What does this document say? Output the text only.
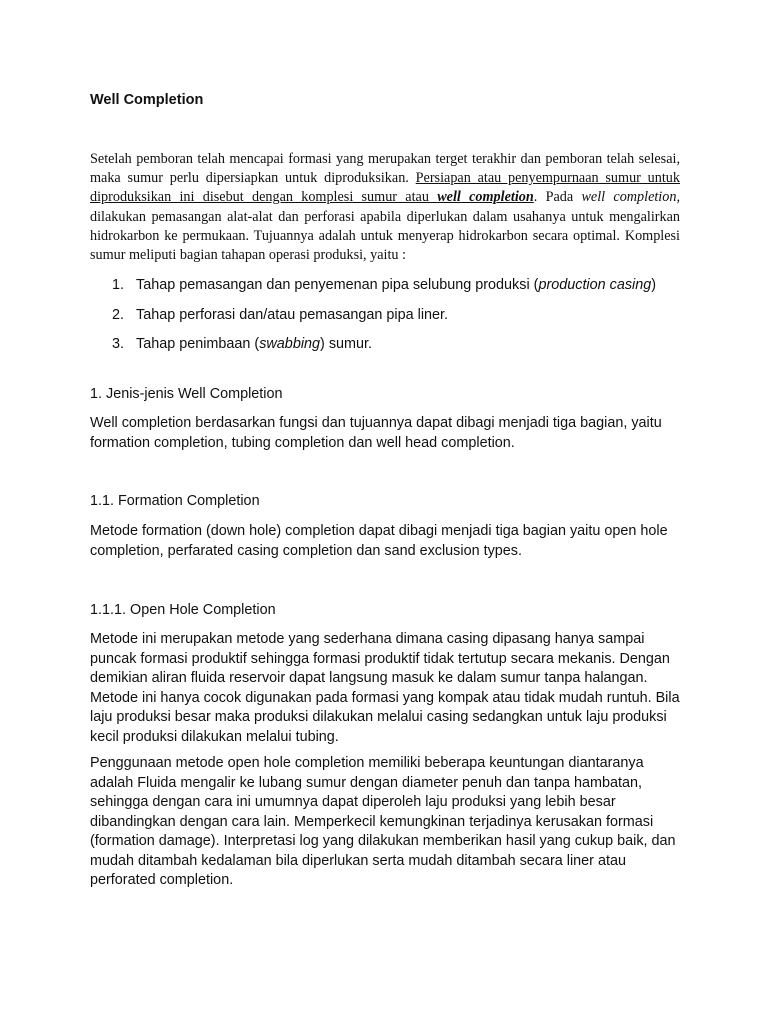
Well Completion

Setelah pemboran telah mencapai formasi yang merupakan terget terakhir dan pemboran telah selesai, maka sumur perlu dipersiapkan untuk diproduksikan. Persiapan atau penyempurnaan sumur untuk diproduksikan ini disebut dengan komplesi sumur atau well completion. Pada well completion, dilakukan pemasangan alat-alat dan perforasi apabila diperlukan dalam usahanya untuk mengalirkan hidrokarbon ke permukaan. Tujuannya adalah untuk menyerap hidrokarbon secara optimal. Komplesi sumur meliputi bagian tahapan operasi produksi, yaitu :

1. Tahap pemasangan dan penyemenan pipa selubung produksi (production casing)
2. Tahap perforasi dan/atau pemasangan pipa liner.
3. Tahap penimbaan (swabbing) sumur.

1. Jenis-jenis Well Completion

Well completion berdasarkan fungsi dan tujuannya dapat dibagi menjadi tiga bagian, yaitu formation completion, tubing completion dan well head completion.

1.1. Formation Completion

Metode formation (down hole) completion dapat dibagi menjadi tiga bagian yaitu open hole completion, perfarated casing completion dan sand exclusion types.

1.1.1. Open Hole Completion

Metode ini merupakan metode yang sederhana dimana casing dipasang hanya sampai puncak formasi produktif sehingga formasi produktif tidak tertutup secara mekanis. Dengan demikian aliran fluida reservoir dapat langsung masuk ke dalam sumur tanpa halangan. Metode ini hanya cocok digunakan pada formasi yang kompak atau tidak mudah runtuh. Bila laju produksi besar maka produksi dilakukan melalui casing sedangkan untuk laju produksi kecil produksi dilakukan melalui tubing.

Penggunaan metode open hole completion memiliki beberapa keuntungan diantaranya adalah Fluida mengalir ke lubang sumur dengan diameter penuh dan tanpa hambatan, sehingga dengan cara ini umumnya dapat diperoleh laju produksi yang lebih besar dibandingkan dengan cara lain. Memperkecil kemungkinan terjadinya kerusakan formasi (formation damage). Interpretasi log yang dilakukan memberikan hasil yang cukup baik, dan mudah ditambah kedalaman bila diperlukan serta mudah ditambah secara liner atau perforated completion.
